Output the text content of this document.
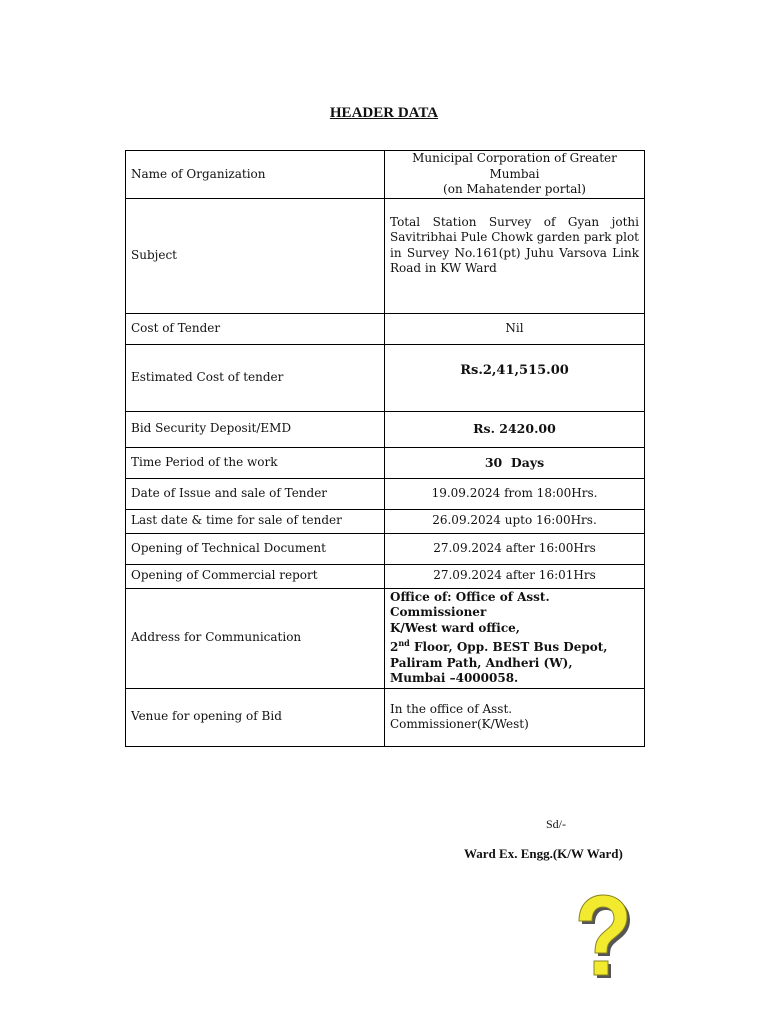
HEADER DATA
Name of Organization	Municipal Corporation of Greater Mumbai
(on Mahatender portal)

Subject	Total Station Survey of Gyan jothi Savitribhai Pule Chowk garden park plot in Survey No.161(pt) Juhu Varsova Link Road in KW Ward
Cost of Tender	Nil
Estimated Cost of tender	Rs.2,41,515.00
Bid Security Deposit/EMD	Rs. 2420.00
Time Period of the work	30  Days
Date of Issue and sale of Tender	19.09.2024 from 18:00Hrs.
Last date & time for sale of tender	26.09.2024 upto 16:00Hrs.
Opening of Technical Document	27.09.2024 after 16:00Hrs
Opening of Commercial report	27.09.2024 after 16:01Hrs
Address for Communication	Office of: Office of Asst. Commissioner
K/West ward office,
2nd Floor, Opp. BEST Bus Depot,
Paliram Path, Andheri (W),
Mumbai –4000058.

Venue for opening of Bid	In the office of Asst.
Commissioner(K/West)
Sd/-
Ward Ex. Engg.(K/W Ward)
